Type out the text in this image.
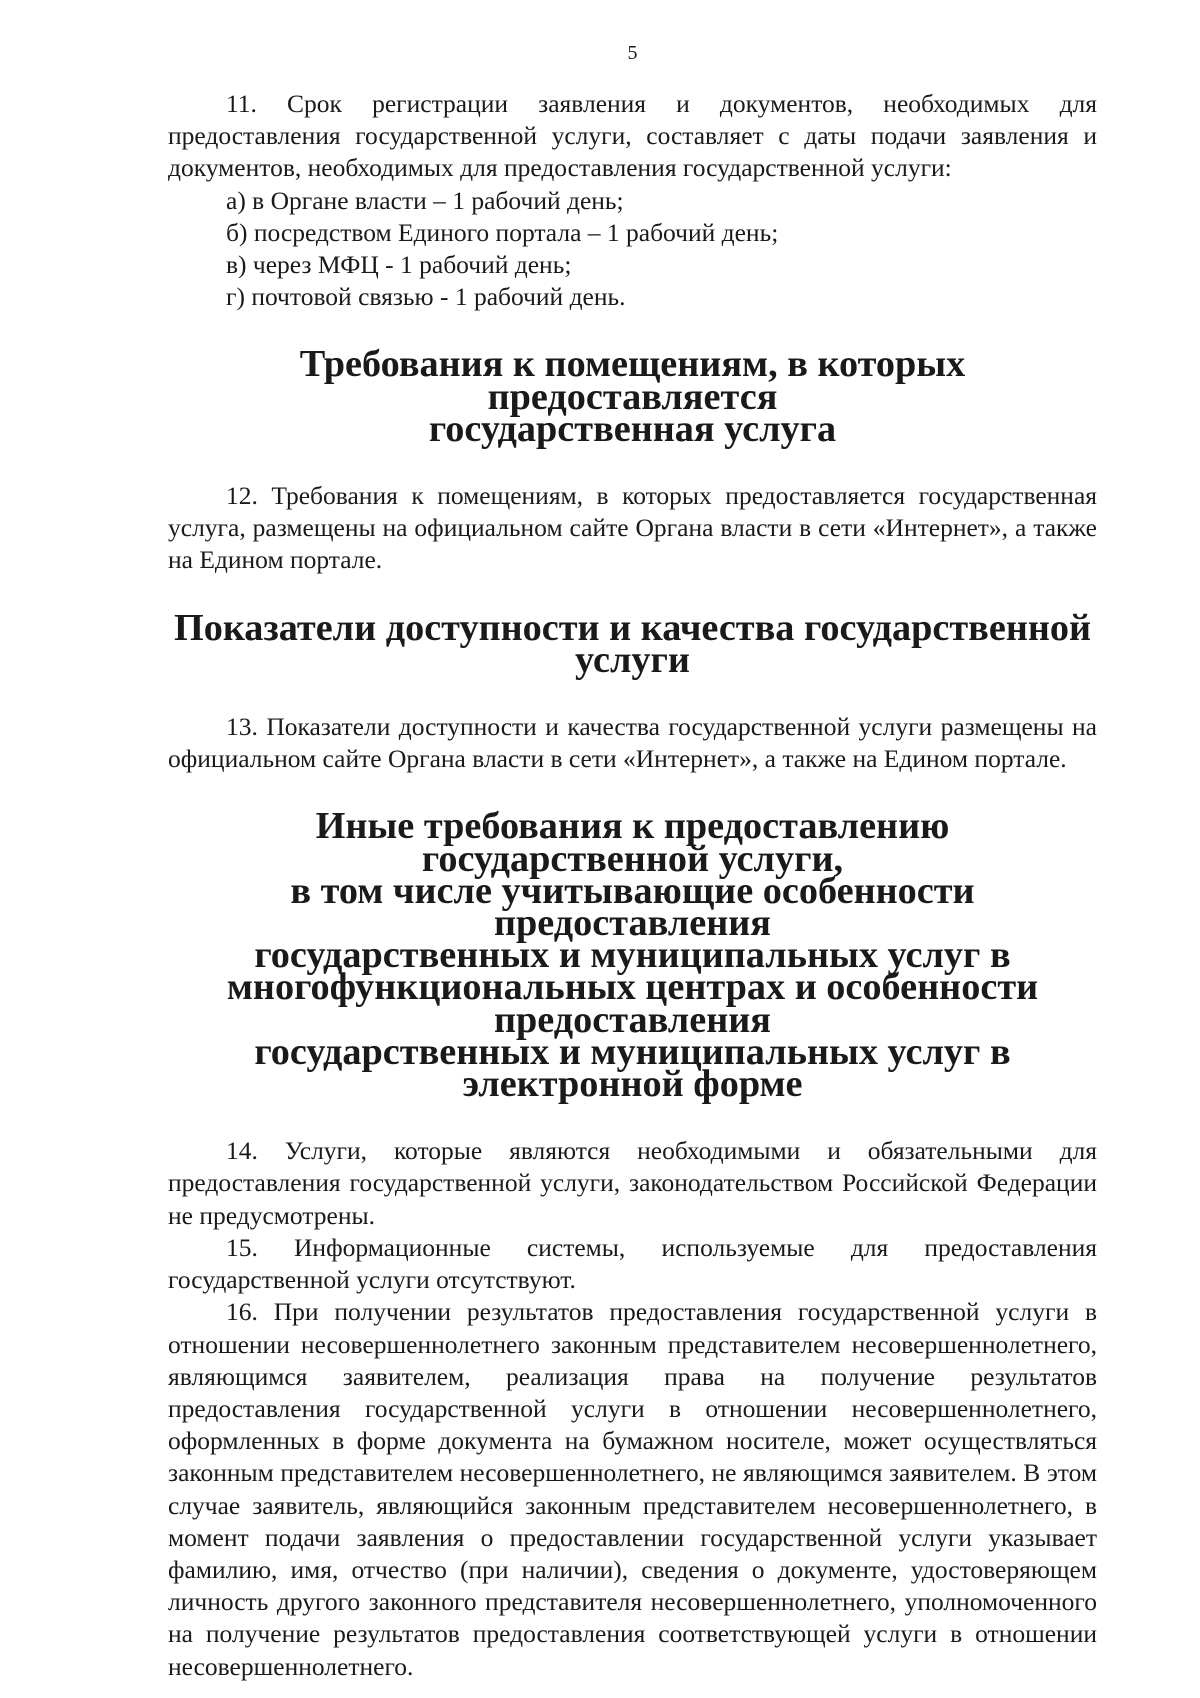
5

11. Срок регистрации заявления и документов, необходимых для предоставления государственной услуги, составляет с даты подачи заявления и документов, необходимых для предоставления государственной услуги:

а) в Органе власти – 1 рабочий день;

б) посредством Единого портала – 1 рабочий день;

в) через МФЦ - 1 рабочий день;

г) почтовой связью - 1 рабочий день.

Требования к помещениям, в которых предоставляется
государственная услуга

12. Требования к помещениям, в которых предоставляется государственная услуга, размещены на официальном сайте Органа власти в сети «Интернет», а также на Едином портале.

Показатели доступности и качества государственной услуги

13. Показатели доступности и качества государственной услуги размещены на официальном сайте Органа власти в сети «Интернет», а также на Едином портале.

Иные требования к предоставлению государственной услуги,
в том числе учитывающие особенности предоставления
государственных и муниципальных услуг в
многофункциональных центрах и особенности предоставления
государственных и муниципальных услуг в электронной форме

14. Услуги, которые являются необходимыми и обязательными для предоставления государственной услуги, законодательством Российской Федерации не предусмотрены.

15. Информационные системы, используемые для предоставления государственной услуги отсутствуют.

16. При получении результатов предоставления государственной услуги в отношении несовершеннолетнего законным представителем несовершеннолетнего, являющимся заявителем, реализация права на получение результатов предоставления государственной услуги в отношении несовершеннолетнего, оформленных в форме документа на бумажном носителе, может осуществляться законным представителем несовершеннолетнего, не являющимся заявителем. В этом случае заявитель, являющийся законным представителем несовершеннолетнего, в момент подачи заявления о предоставлении государственной услуги указывает фамилию, имя, отчество (при наличии), сведения о документе, удостоверяющем личность другого законного представителя несовершеннолетнего, уполномоченного на получение результатов предоставления соответствующей услуги в отношении несовершеннолетнего.
